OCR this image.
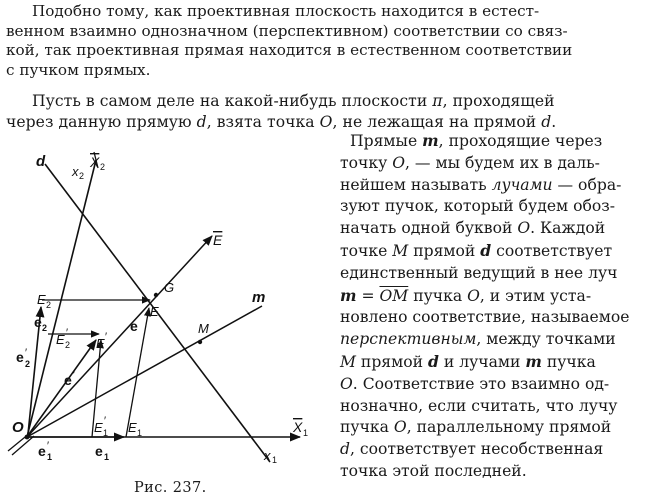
Подобно тому, как проективная плоскость находится в естест-
венном взаимно однозначном (перспективном) соответствии со связ-
кой, так проективная прямая находится в естественном соответствии
с пучком прямых.
Пусть в самом деле на какой-нибудь плоскости π, проходящей
через данную прямую d, взята точка O, не лежащая на прямой d.
Прямые m, проходящие через
точку O, — мы будем их в даль-
нейшем называть лучами — обра-
зуют пучок, который будем обоз-
начать одной буквой O. Каждой
точке M прямой d соответствует
единственный ведущий в нее луч
$m = \overline{OM}$ пучка O, и этим уста-
новлено соответствие, называемое
перспективным, между точками
M прямой d и лучами m пучка
O. Соответствие это взаимно од-
нозначно, если считать, что лучу
пучка O, параллельному прямой
d, соответствует несобственная
точка этой последней.
d
x 2
X 2
E
m
G
M
E
E 2
e 2
E 2
′
E ′
e
e 2
′
e ′
O
e 1
′	e 1
E 1
′ E 1	X 1
x 1
Рис. 237.
